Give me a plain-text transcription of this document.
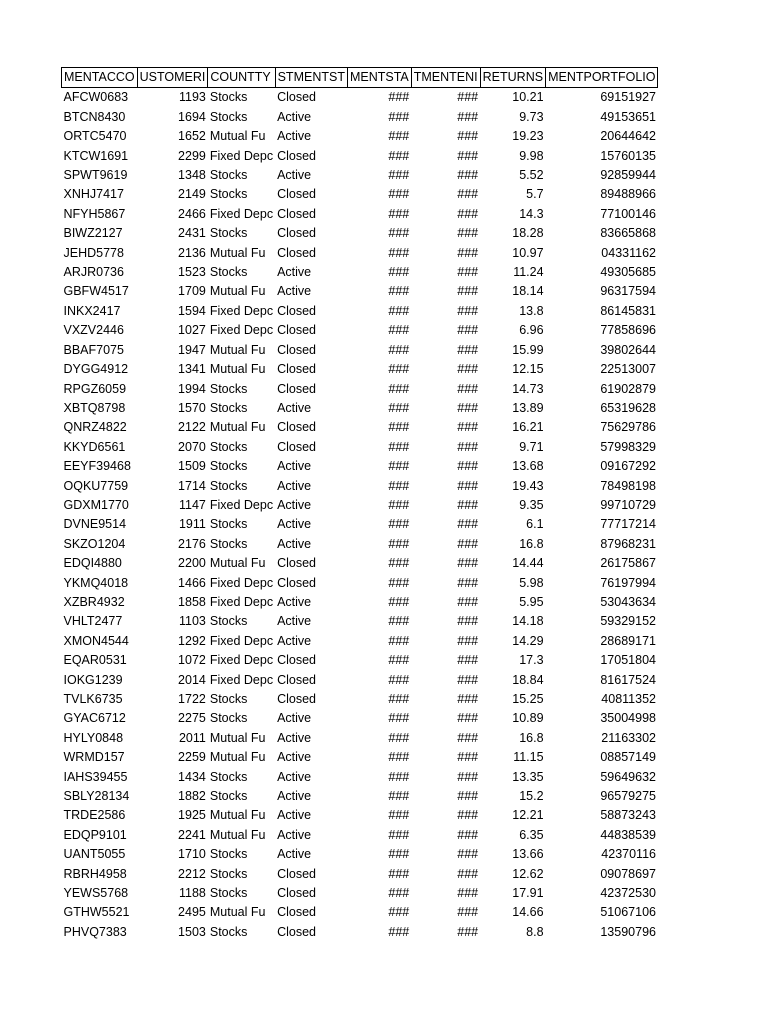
MENTACCO	USTOMERI	COUNTTY	STMENTST	MENTSTA	TMENTENI	RETURNS	MENTPORTFOLIO
AFCW0683	1193	Stocks	Closed	###	###	10.21	69151927
BTCN8430	1694	Stocks	Active	###	###	9.73	49153651
ORTC5470	1652	Mutual Fu	Active	###	###	19.23	20644642
KTCW1691	2299	Fixed Depc	Closed	###	###	9.98	15760135
SPWT9619	1348	Stocks	Active	###	###	5.52	92859944
XNHJ7417	2149	Stocks	Closed	###	###	5.7	89488966
NFYH5867	2466	Fixed Depc	Closed	###	###	14.3	77100146
BIWZ2127	2431	Stocks	Closed	###	###	18.28	83665868
JEHD5778	2136	Mutual Fu	Closed	###	###	10.97	04331162
ARJR0736	1523	Stocks	Active	###	###	11.24	49305685
GBFW4517	1709	Mutual Fu	Active	###	###	18.14	96317594
INKX2417	1594	Fixed Depc	Closed	###	###	13.8	86145831
VXZV2446	1027	Fixed Depc	Closed	###	###	6.96	77858696
BBAF7075	1947	Mutual Fu	Closed	###	###	15.99	39802644
DYGG4912	1341	Mutual Fu	Closed	###	###	12.15	22513007
RPGZ6059	1994	Stocks	Closed	###	###	14.73	61902879
XBTQ8798	1570	Stocks	Active	###	###	13.89	65319628
QNRZ4822	2122	Mutual Fu	Closed	###	###	16.21	75629786
KKYD6561	2070	Stocks	Closed	###	###	9.71	57998329
EEYF39468	1509	Stocks	Active	###	###	13.68	09167292
OQKU7759	1714	Stocks	Active	###	###	19.43	78498198
GDXM1770	1147	Fixed Depc	Active	###	###	9.35	99710729
DVNE9514	1911	Stocks	Active	###	###	6.1	77717214
SKZO1204	2176	Stocks	Active	###	###	16.8	87968231
EDQI4880	2200	Mutual Fu	Closed	###	###	14.44	26175867
YKMQ4018	1466	Fixed Depc	Closed	###	###	5.98	76197994
XZBR4932	1858	Fixed Depc	Active	###	###	5.95	53043634
VHLT2477	1103	Stocks	Active	###	###	14.18	59329152
XMON4544	1292	Fixed Depc	Active	###	###	14.29	28689171
EQAR0531	1072	Fixed Depc	Closed	###	###	17.3	17051804
IOKG1239	2014	Fixed Depc	Closed	###	###	18.84	81617524
TVLK6735	1722	Stocks	Closed	###	###	15.25	40811352
GYAC6712	2275	Stocks	Active	###	###	10.89	35004998
HYLY0848	2011	Mutual Fu	Active	###	###	16.8	21163302
WRMD157	2259	Mutual Fu	Active	###	###	11.15	08857149
IAHS39455	1434	Stocks	Active	###	###	13.35	59649632
SBLY28134	1882	Stocks	Active	###	###	15.2	96579275
TRDE2586	1925	Mutual Fu	Active	###	###	12.21	58873243
EDQP9101	2241	Mutual Fu	Active	###	###	6.35	44838539
UANT5055	1710	Stocks	Active	###	###	13.66	42370116
RBRH4958	2212	Stocks	Closed	###	###	12.62	09078697
YEWS5768	1188	Stocks	Closed	###	###	17.91	42372530
GTHW5521	2495	Mutual Fu	Closed	###	###	14.66	51067106
PHVQ7383	1503	Stocks	Closed	###	###	8.8	13590796
